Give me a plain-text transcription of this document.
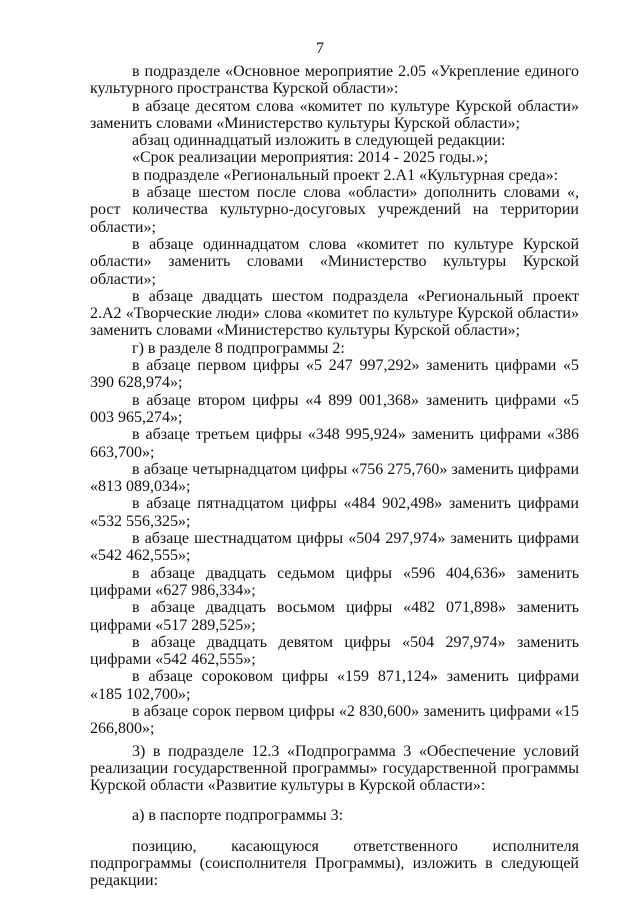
7

в подразделе «Основное мероприятие 2.05 «Укрепление единого культурного пространства Курской области»:

в абзаце десятом слова «комитет по культуре Курской области» заменить словами «Министерство культуры Курской области»;

абзац одиннадцатый изложить в следующей редакции:

«Срок реализации мероприятия: 2014 - 2025 годы.»;

в подразделе «Региональный проект 2.А1 «Культурная среда»:

в абзаце шестом после слова «области» дополнить словами «, рост количества культурно-досуговых учреждений на территории области»;

в абзаце одиннадцатом слова «комитет по культуре Курской области» заменить словами «Министерство культуры Курской области»;

в абзаце двадцать шестом подраздела «Региональный проект 2.А2 «Творческие люди» слова «комитет по культуре Курской области» заменить словами «Министерство культуры Курской области»;

г) в разделе 8 подпрограммы 2:

в абзаце первом цифры «5 247 997,292» заменить цифрами «5 390 628,974»;

в абзаце втором цифры «4 899 001,368» заменить цифрами «5 003 965,274»;

в абзаце третьем цифры «348 995,924» заменить цифрами «386 663,700»;

в абзаце четырнадцатом цифры «756 275,760» заменить цифрами «813 089,034»;

в абзаце пятнадцатом цифры «484 902,498» заменить цифрами «532 556,325»;

в абзаце шестнадцатом цифры «504 297,974» заменить цифрами «542 462,555»;

в абзаце двадцать седьмом цифры «596 404,636» заменить цифрами «627 986,334»;

в абзаце двадцать восьмом цифры «482 071,898» заменить цифрами «517 289,525»;

в абзаце двадцать девятом цифры «504 297,974» заменить цифрами «542 462,555»;

в абзаце сороковом цифры «159 871,124» заменить цифрами «185 102,700»;

в абзаце сорок первом цифры «2 830,600» заменить цифрами «15 266,800»;

3) в подразделе 12.3 «Подпрограмма 3 «Обеспечение условий реализации государственной программы» государственной программы Курской области «Развитие культуры в Курской области»:

а) в паспорте подпрограммы 3:

позицию, касающуюся ответственного исполнителя подпрограммы (соисполнителя Программы), изложить в следующей редакции:
